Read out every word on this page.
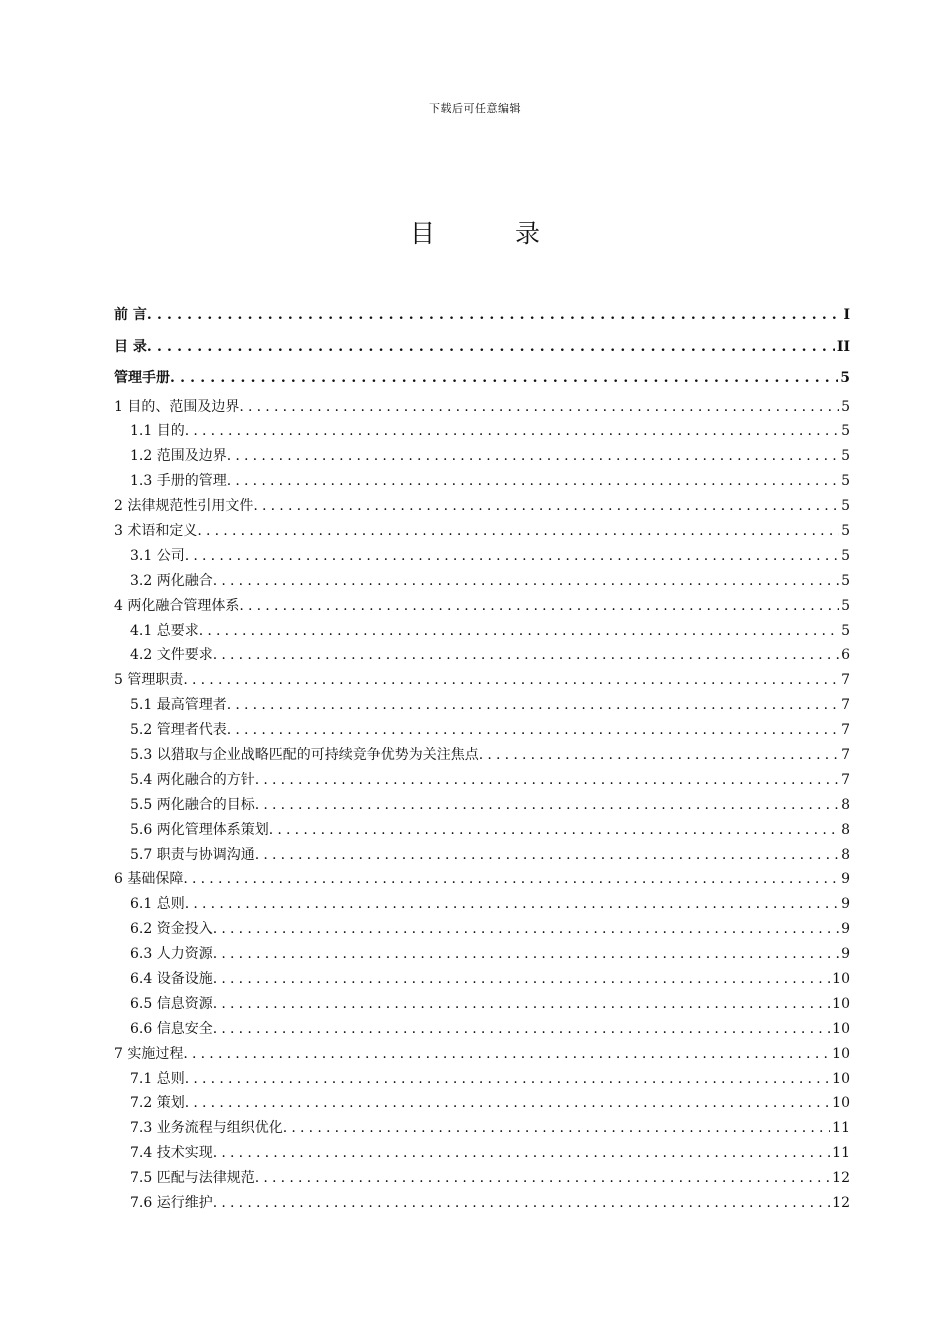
下载后可任意编辑
目 录
前 言 .....	I
目 录 .....	II
管理手册 .....	5
1 目的、范围及边界 .....	5
1.1 目的 .....	5
1.2 范围及边界 .....	5
1.3 手册的管理 .....	5
2 法律规范性引用文件 .....	5
3 术语和定义 .....	5
3.1 公司 .....	5
3.2 两化融合 .....	5
4 两化融合管理体系 .....	5
4.1 总要求 .....	5
4.2 文件要求 .....	6
5 管理职责 .....	7
5.1 最高管理者 .....	7
5.2 管理者代表 .....	7
5.3 以猎取与企业战略匹配的可持续竞争优势为关注焦点 .....	7
5.4 两化融合的方针 .....	7
5.5 两化融合的目标 .....	8
5.6 两化管理体系策划 .....	8
5.7 职责与协调沟通 .....	8
6 基础保障 .....	9
6.1 总则 .....	9
6.2 资金投入 .....	9
6.3 人力资源 .....	9
6.4 设备设施 .....	10
6.5 信息资源 .....	10
6.6 信息安全 .....	10
7 实施过程 .....	10
7.1 总则 .....	10
7.2 策划 .....	10
7.3 业务流程与组织优化 .....	11
7.4 技术实现 .....	11
7.5 匹配与法律规范 .....	12
7.6 运行维护 .....	12
